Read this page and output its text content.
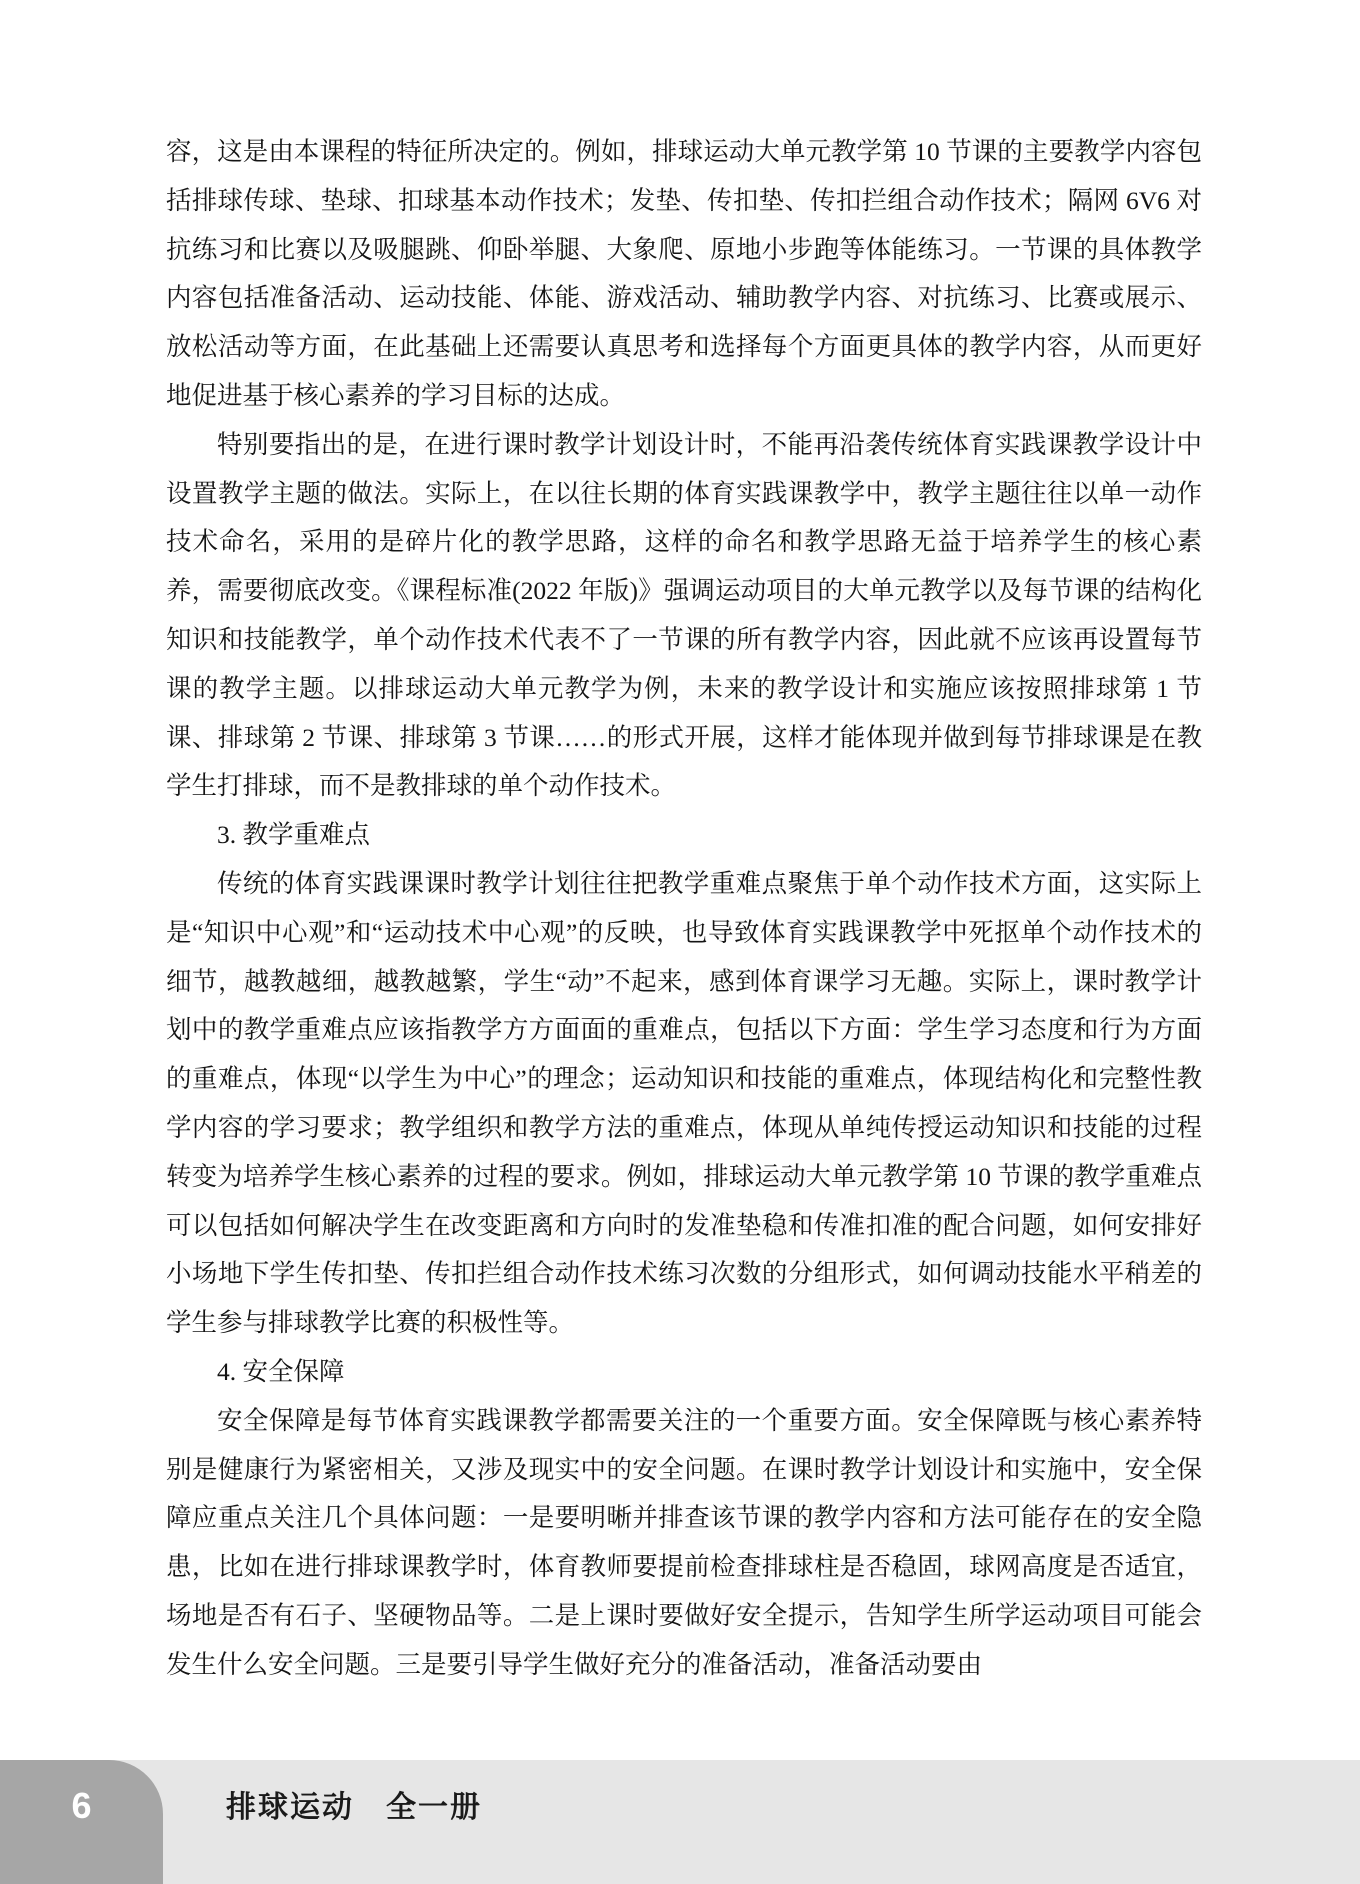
容，这是由本课程的特征所决定的。例如，排球运动大单元教学第 10 节课的主要教学内容包括排球传球、垫球、扣球基本动作技术；发垫、传扣垫、传扣拦组合动作技术；隔网 6V6 对抗练习和比赛以及吸腿跳、仰卧举腿、大象爬、原地小步跑等体能练习。一节课的具体教学内容包括准备活动、运动技能、体能、游戏活动、辅助教学内容、对抗练习、比赛或展示、放松活动等方面，在此基础上还需要认真思考和选择每个方面更具体的教学内容，从而更好地促进基于核心素养的学习目标的达成。

特别要指出的是，在进行课时教学计划设计时，不能再沿袭传统体育实践课教学设计中设置教学主题的做法。实际上，在以往长期的体育实践课教学中，教学主题往往以单一动作技术命名，采用的是碎片化的教学思路，这样的命名和教学思路无益于培养学生的核心素养，需要彻底改变。《课程标准(2022 年版)》强调运动项目的大单元教学以及每节课的结构化知识和技能教学，单个动作技术代表不了一节课的所有教学内容，因此就不应该再设置每节课的教学主题。以排球运动大单元教学为例，未来的教学设计和实施应该按照排球第 1 节课、排球第 2 节课、排球第 3 节课……的形式开展，这样才能体现并做到每节排球课是在教学生打排球，而不是教排球的单个动作技术。

3. 教学重难点

传统的体育实践课课时教学计划往往把教学重难点聚焦于单个动作技术方面，这实际上是“知识中心观”和“运动技术中心观”的反映，也导致体育实践课教学中死抠单个动作技术的细节，越教越细，越教越繁，学生“动”不起来，感到体育课学习无趣。实际上，课时教学计划中的教学重难点应该指教学方方面面的重难点，包括以下方面：学生学习态度和行为方面的重难点，体现“以学生为中心”的理念；运动知识和技能的重难点，体现结构化和完整性教学内容的学习要求；教学组织和教学方法的重难点，体现从单纯传授运动知识和技能的过程转变为培养学生核心素养的过程的要求。例如，排球运动大单元教学第 10 节课的教学重难点可以包括如何解决学生在改变距离和方向时的发准垫稳和传准扣准的配合问题，如何安排好小场地下学生传扣垫、传扣拦组合动作技术练习次数的分组形式，如何调动技能水平稍差的学生参与排球教学比赛的积极性等。

4. 安全保障

安全保障是每节体育实践课教学都需要关注的一个重要方面。安全保障既与核心素养特别是健康行为紧密相关，又涉及现实中的安全问题。在课时教学计划设计和实施中，安全保障应重点关注几个具体问题：一是要明晰并排查该节课的教学内容和方法可能存在的安全隐患，比如在进行排球课教学时，体育教师要提前检查排球柱是否稳固，球网高度是否适宜，场地是否有石子、坚硬物品等。二是上课时要做好安全提示，告知学生所学运动项目可能会发生什么安全问题。三是要引导学生做好充分的准备活动，准备活动要由

6	排球运动　全一册
